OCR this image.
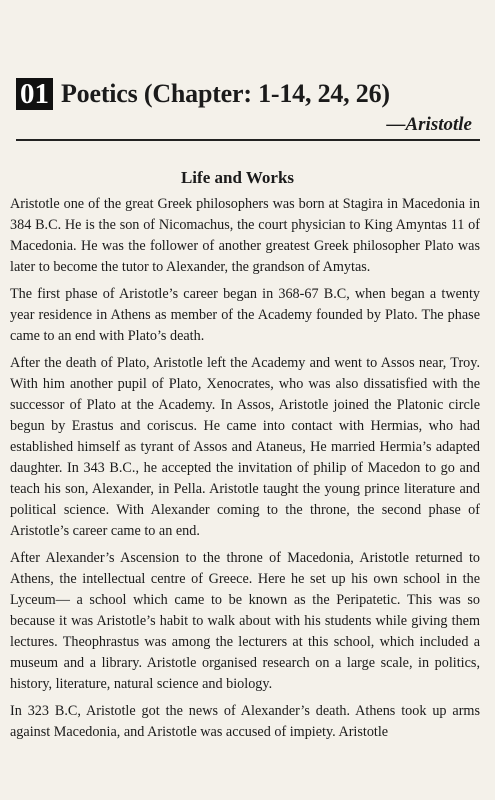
01 Poetics (Chapter: 1-14, 24, 26)
—Aristotle
Life and Works

Aristotle one of the great Greek philosophers was born at Stagira in Macedonia in 384 B.C. He is the son of Nicomachus, the court physician to King Amyntas 11 of Macedonia. He was the follower of another greatest Greek philosopher Plato was later to become the tutor to Alexander, the grandson of Amytas.

The first phase of Aristotle’s career began in 368-67 B.C, when began a twenty year residence in Athens as member of the Academy founded by Plato. The phase came to an end with Plato’s death.

After the death of Plato, Aristotle left the Academy and went to Assos near, Troy. With him another pupil of Plato, Xenocrates, who was also dissatisfied with the successor of Plato at the Academy. In Assos, Aristotle joined the Platonic circle begun by Erastus and coriscus. He came into contact with Hermias, who had established himself as tyrant of Assos and Ataneus, He married Hermia’s adapted daughter. In 343 B.C., he accepted the invitation of philip of Macedon to go and teach his son, Alexander, in Pella. Aristotle taught the young prince literature and political science. With Alexander coming to the throne, the second phase of Aristotle’s career came to an end.

After Alexander’s Ascension to the throne of Macedonia, Aristotle returned to Athens, the intellectual centre of Greece. Here he set up his own school in the Lyceum— a school which came to be known as the Peripatetic. This was so because it was Aristotle’s habit to walk about with his students while giving them lectures. Theophrastus was among the lecturers at this school, which included a museum and a library. Aristotle organised research on a large scale, in politics, history, literature, natural science and biology.

In 323 B.C, Aristotle got the news of Alexander’s death. Athens took up arms against Macedonia, and Aristotle was accused of impiety. Aristotle
